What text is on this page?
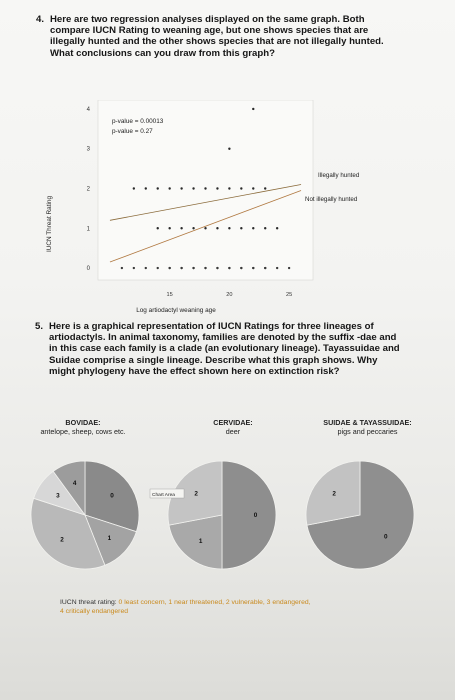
4. Here are two regression analyses displayed on the same graph. Both
compare IUCN Rating to weaning age, but one shows species that are
illegally hunted and the other shows species that are not illegally hunted.
What conclusions can you draw from this graph?
p-value = 0.00013
p-value = 0.27
IUCN Threat Rating
Log artiodactyl weaning age
Illegally hunted
Not illegally hunted
0
1
2
3
4
15	20	25
5. Here is a graphical representation of IUCN Ratings for three lineages of
artiodactyls. In animal taxonomy, families are denoted by the suffix -dae and
in this case each family is a clade (an evolutionary lineage). Tayassuidae and
Suidae comprise a single lineage. Describe what this graph shows. Why
might phylogeny have the effect shown here on extinction risk?
BOVIDAE:
antelope, sheep, cows etc.
CERVIDAE:
deer
SUIDAE & TAYASSUIDAE:
pigs and peccaries
0
1
2
3
4
0
1
2
0
2
Chart Area
IUCN threat rating: 0 least concern, 1 near threatened, 2 vulnerable, 3 endangered,
4 critically endangered
